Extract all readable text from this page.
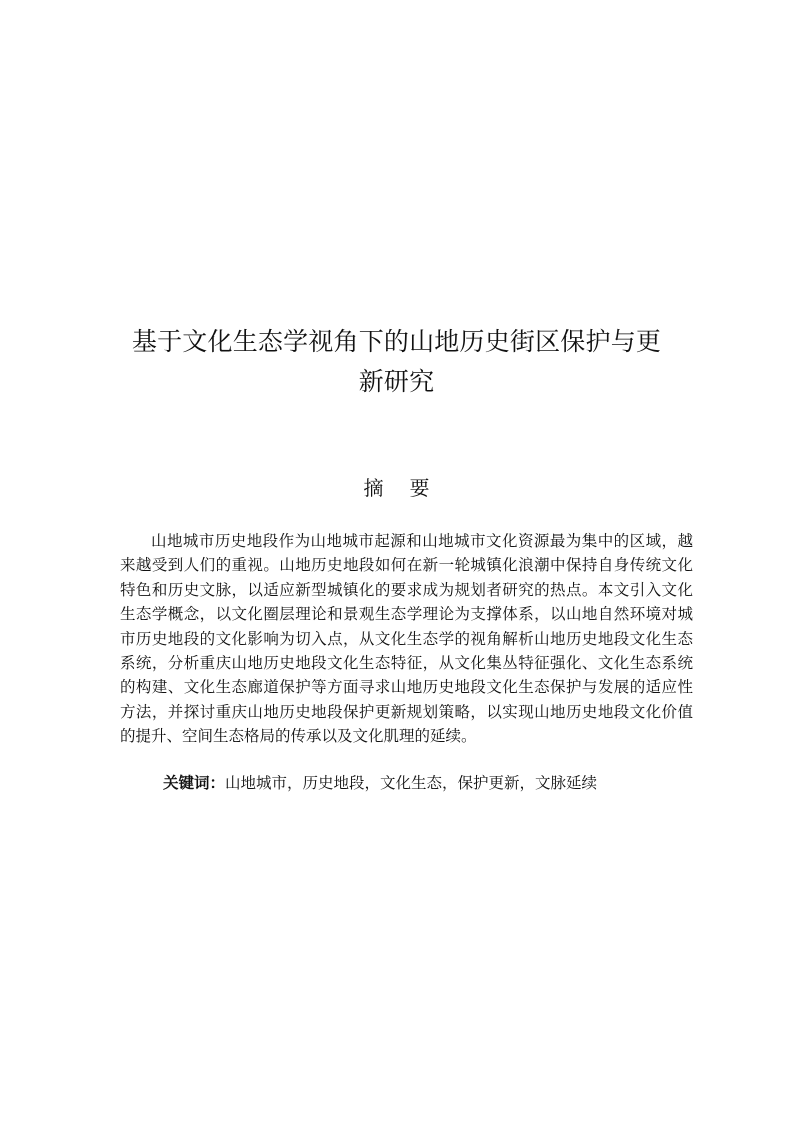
基于文化生态学视角下的山地历史街区保护与更
新研究
摘要

山地城市历史地段作为山地城市起源和山地城市文化资源最为集中的区域，越来越受到人们的重视。山地历史地段如何在新一轮城镇化浪潮中保持自身传统文化特色和历史文脉，以适应新型城镇化的要求成为规划者研究的热点。本文引入文化生态学概念，以文化圈层理论和景观生态学理论为支撑体系，以山地自然环境对城市历史地段的文化影响为切入点，从文化生态学的视角解析山地历史地段文化生态系统，分析重庆山地历史地段文化生态特征，从文化集丛特征强化、文化生态系统的构建、文化生态廊道保护等方面寻求山地历史地段文化生态保护与发展的适应性方法，并探讨重庆山地历史地段保护更新规划策略，以实现山地历史地段文化价值的提升、空间生态格局的传承以及文化肌理的延续。

关键词：山地城市，历史地段，文化生态，保护更新，文脉延续
